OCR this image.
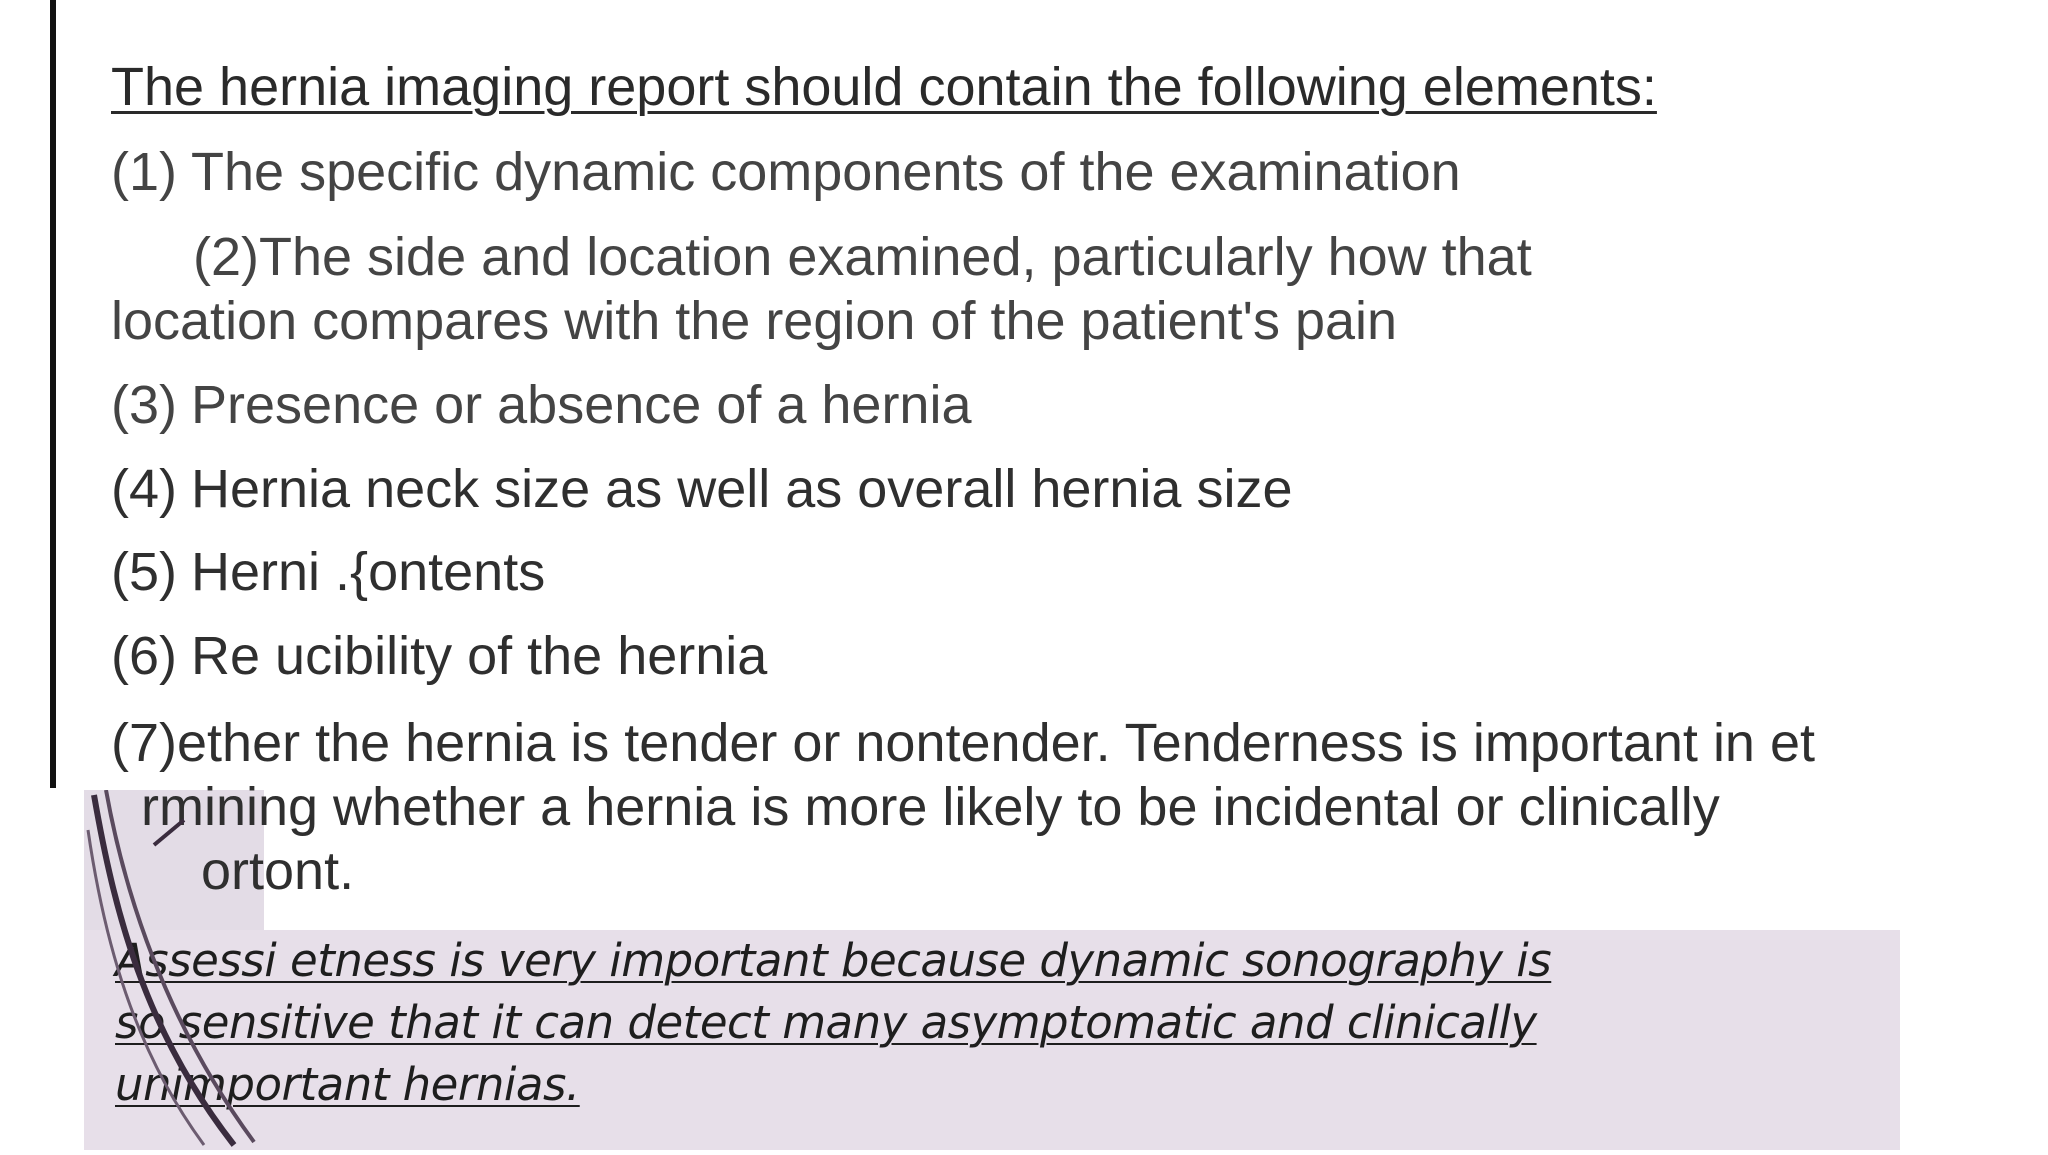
The hernia imaging report should contain the following elements:
(1) The specific dynamic components of the examination
(2)The side and location examined, particularly how that
location compares with the region of the patient's pain
(3) Presence or absence of a hernia
(4) Hernia neck size as well as overall hernia size
(5) Herni .{ontents
(6) Re ucibility of the hernia
(7)ether the hernia is tender or nontender. Tenderness is important in et
rmining whether a hernia is more likely to be incidental or clinically
ortont.
Assessi etness is very important because dynamic sonography is
so sensitive that it can detect many asymptomatic and clinically
unimportant hernias.
